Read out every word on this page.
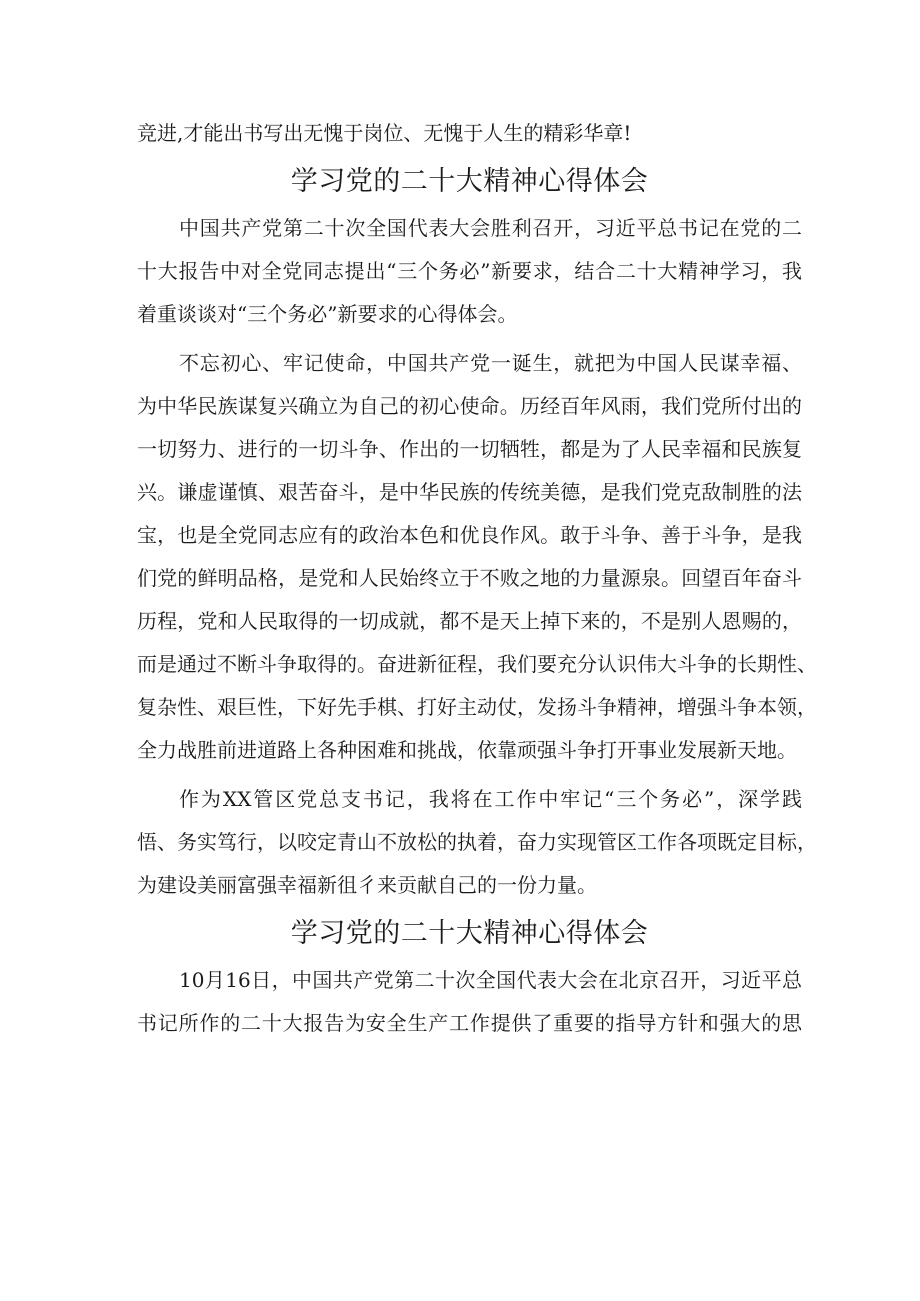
竞进,才能出书写出无愧于岗位、无愧于人生的精彩华章!
学习党的二十大精神心得体会
中国共产党第二十次全国代表大会胜利召开，习近平总书记在党的二
十大报告中对全党同志提出“三个务必”新要求，结合二十大精神学习，我
着重谈谈对“三个务必”新要求的心得体会。
不忘初心、牢记使命，中国共产党一诞生，就把为中国人民谋幸福、
为中华民族谋复兴确立为自己的初心使命。历经百年风雨，我们党所付出的
一切努力、进行的一切斗争、作出的一切牺牲，都是为了人民幸福和民族复
兴。谦虚谨慎、艰苦奋斗，是中华民族的传统美德，是我们党克敌制胜的法
宝，也是全党同志应有的政治本色和优良作风。敢于斗争、善于斗争，是我
们党的鲜明品格，是党和人民始终立于不败之地的力量源泉。回望百年奋斗
历程，党和人民取得的一切成就，都不是天上掉下来的，不是别人恩赐的，
而是通过不断斗争取得的。奋进新征程，我们要充分认识伟大斗争的长期性、
复杂性、艰巨性，下好先手棋、打好主动仗，发扬斗争精神，增强斗争本领，
全力战胜前进道路上各种困难和挑战，依靠顽强斗争打开事业发展新天地。
作为XX管区党总支书记，我将在工作中牢记“三个务必”，深学践
悟、务实笃行，以咬定青山不放松的执着，奋力实现管区工作各项既定目标，
为建设美丽富强幸福新徂彳来贡献自己的一份力量。
学习党的二十大精神心得体会
10月16日，中国共产党第二十次全国代表大会在北京召开，习近平总
书记所作的二十大报告为安全生产工作提供了重要的指导方针和强大的思
